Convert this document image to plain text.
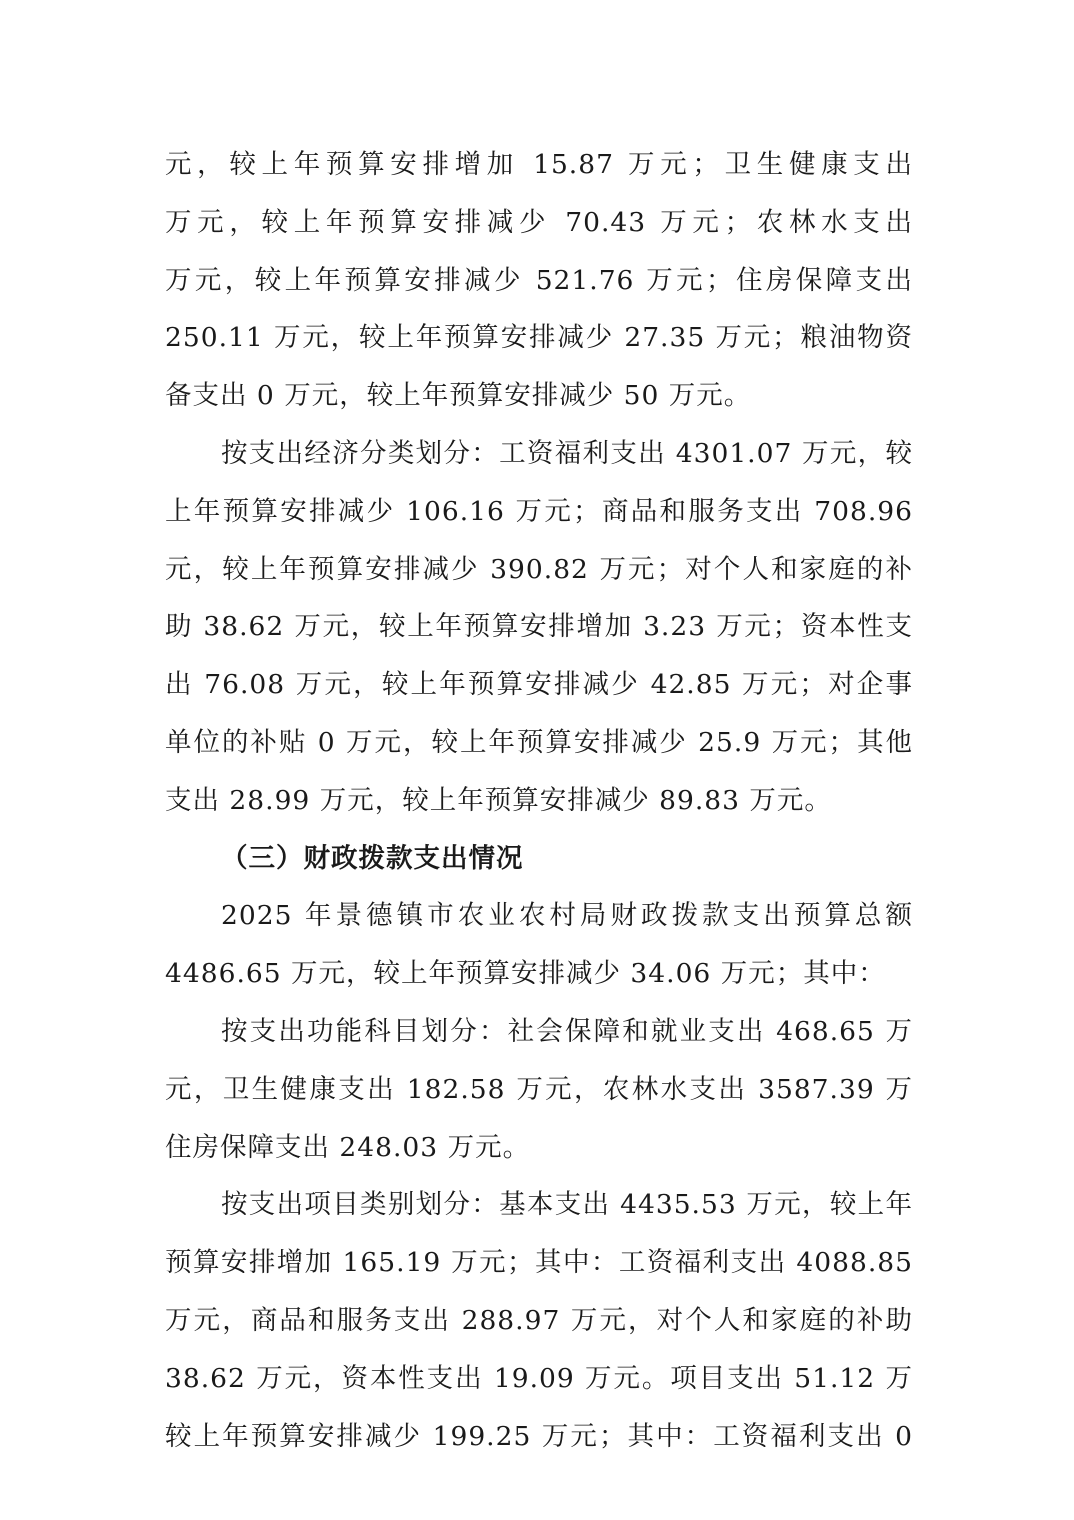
元，较上年预算安排增加 15.87 万元；卫生健康支出
万元，较上年预算安排减少 70.43 万元；农林水支出
万元，较上年预算安排减少 521.76 万元；住房保障支出
250.11 万元，较上年预算安排减少 27.35 万元；粮油物资
备支出 0 万元，较上年预算安排减少 50 万元。
按支出经济分类划分：工资福利支出 4301.07 万元，较
上年预算安排减少 106.16 万元；商品和服务支出 708.96
元，较上年预算安排减少 390.82 万元；对个人和家庭的补
助 38.62 万元，较上年预算安排增加 3.23 万元；资本性支
出 76.08 万元，较上年预算安排减少 42.85 万元；对企事
单位的补贴 0 万元，较上年预算安排减少 25.9 万元；其他
支出 28.99 万元，较上年预算安排减少 89.83 万元。
（三）财政拨款支出情况
2025 年景德镇市农业农村局财政拨款支出预算总额
4486.65 万元，较上年预算安排减少 34.06 万元；其中：
按支出功能科目划分：社会保障和就业支出 468.65 万
元，卫生健康支出 182.58 万元，农林水支出 3587.39 万
住房保障支出 248.03 万元。
按支出项目类别划分：基本支出 4435.53 万元，较上年
预算安排增加 165.19 万元；其中：工资福利支出 4088.85
万元，商品和服务支出 288.97 万元，对个人和家庭的补助
38.62 万元，资本性支出 19.09 万元。项目支出 51.12 万
较上年预算安排减少 199.25 万元；其中：工资福利支出 0
